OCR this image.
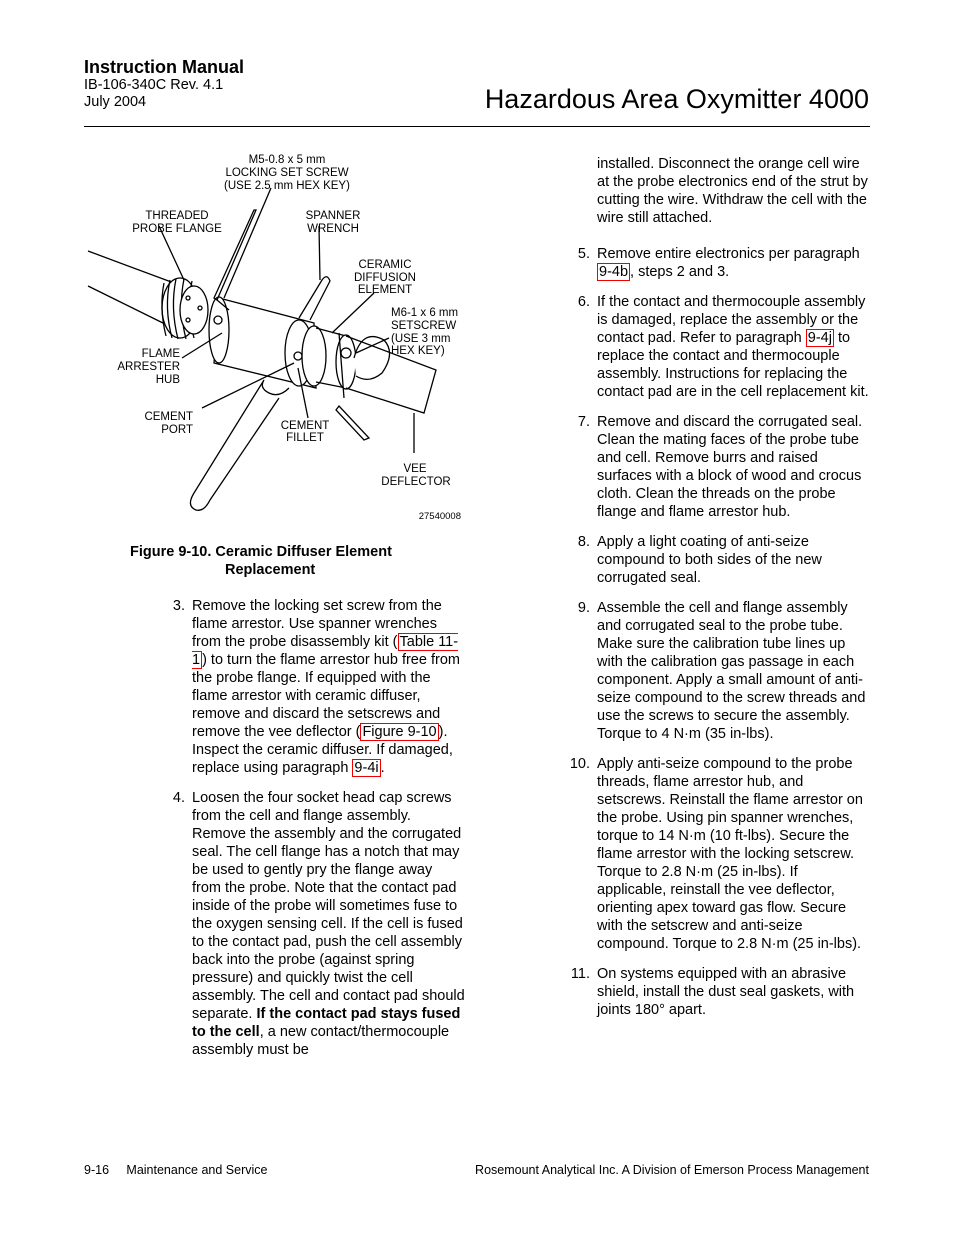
Instruction Manual
IB-106-340C Rev. 4.1
July 2004	Hazardous Area Oxymitter 4000
M5-0.8 x 5 mm
LOCKING SET SCREW
(USE 2.5 mm HEX KEY)
THREADED
PROBE FLANGE
SPANNER
WRENCH
CERAMIC
DIFFUSION
ELEMENT
M6-1 x 6 mm
SETSCREW
(USE 3 mm
HEX KEY)
FLAME
ARRESTER
HUB
CEMENT
PORT
27540008
CEMENT
FILLET
VEE
DEFLECTOR
Figure 9-10. Ceramic Diffuser Element
Replacement
3. Remove the locking set screw from the flame arrestor. Use spanner wrenches from the probe disassembly kit ( Table 11-1 ) to turn the flame arrestor hub free from the probe flange. If equipped with the flame arrestor with ceramic diffuser, remove and discard the setscrews and remove the vee deflector ( Figure 9-10 ). Inspect the ceramic diffuser. If damaged, replace using paragraph 9-4i .
4. Loosen the four socket head cap screws from the cell and flange assembly. Remove the assembly and the corrugated seal. The cell flange has a notch that may be used to gently pry the flange away from the probe. Note that the contact pad inside of the probe will sometimes fuse to the oxygen sensing cell. If the cell is fused to the contact pad, push the cell assembly back into the probe (against spring pressure) and quickly twist the cell assembly. The cell and contact pad should separate. If the contact pad stays fused to the cell, a new contact/thermocouple assembly must be
installed. Disconnect the orange cell wire at the probe electronics end of the strut by cutting the wire. Withdraw the cell with the wire still attached.
5. Remove entire electronics per paragraph 9-4b , steps 2 and 3.
6. If the contact and thermocouple assembly is damaged, replace the assembly or the contact pad. Refer to paragraph 9-4j to replace the contact and thermocouple assembly. Instructions for replacing the contact pad are in the cell replacement kit.
7. Remove and discard the corrugated seal. Clean the mating faces of the probe tube and cell. Remove burrs and raised surfaces with a block of wood and crocus cloth. Clean the threads on the probe flange and flame arrestor hub.
8. Apply a light coating of anti-seize compound to both sides of the new corrugated seal.
9. Assemble the cell and flange assembly and corrugated seal to the probe tube. Make sure the calibration tube lines up with the calibration gas passage in each component. Apply a small amount of anti-seize compound to the screw threads and use the screws to secure the assembly. Torque to 4 N·m (35 in-lbs).
10. Apply anti-seize compound to the probe threads, flame arrestor hub, and setscrews. Reinstall the flame arrestor on the probe. Using pin spanner wrenches, torque to 14 N·m (10 ft-lbs). Secure the flame arrestor with the locking setscrew. Torque to 2.8 N·m (25 in-lbs). If applicable, reinstall the vee deflector, orienting apex toward gas flow. Secure with the setscrew and anti-seize compound. Torque to 2.8 N·m (25 in-lbs).
11. On systems equipped with an abrasive shield, install the dust seal gaskets, with joints 180° apart.
9-16 Maintenance and Service	Rosemount Analytical Inc. A Division of Emerson Process Management
